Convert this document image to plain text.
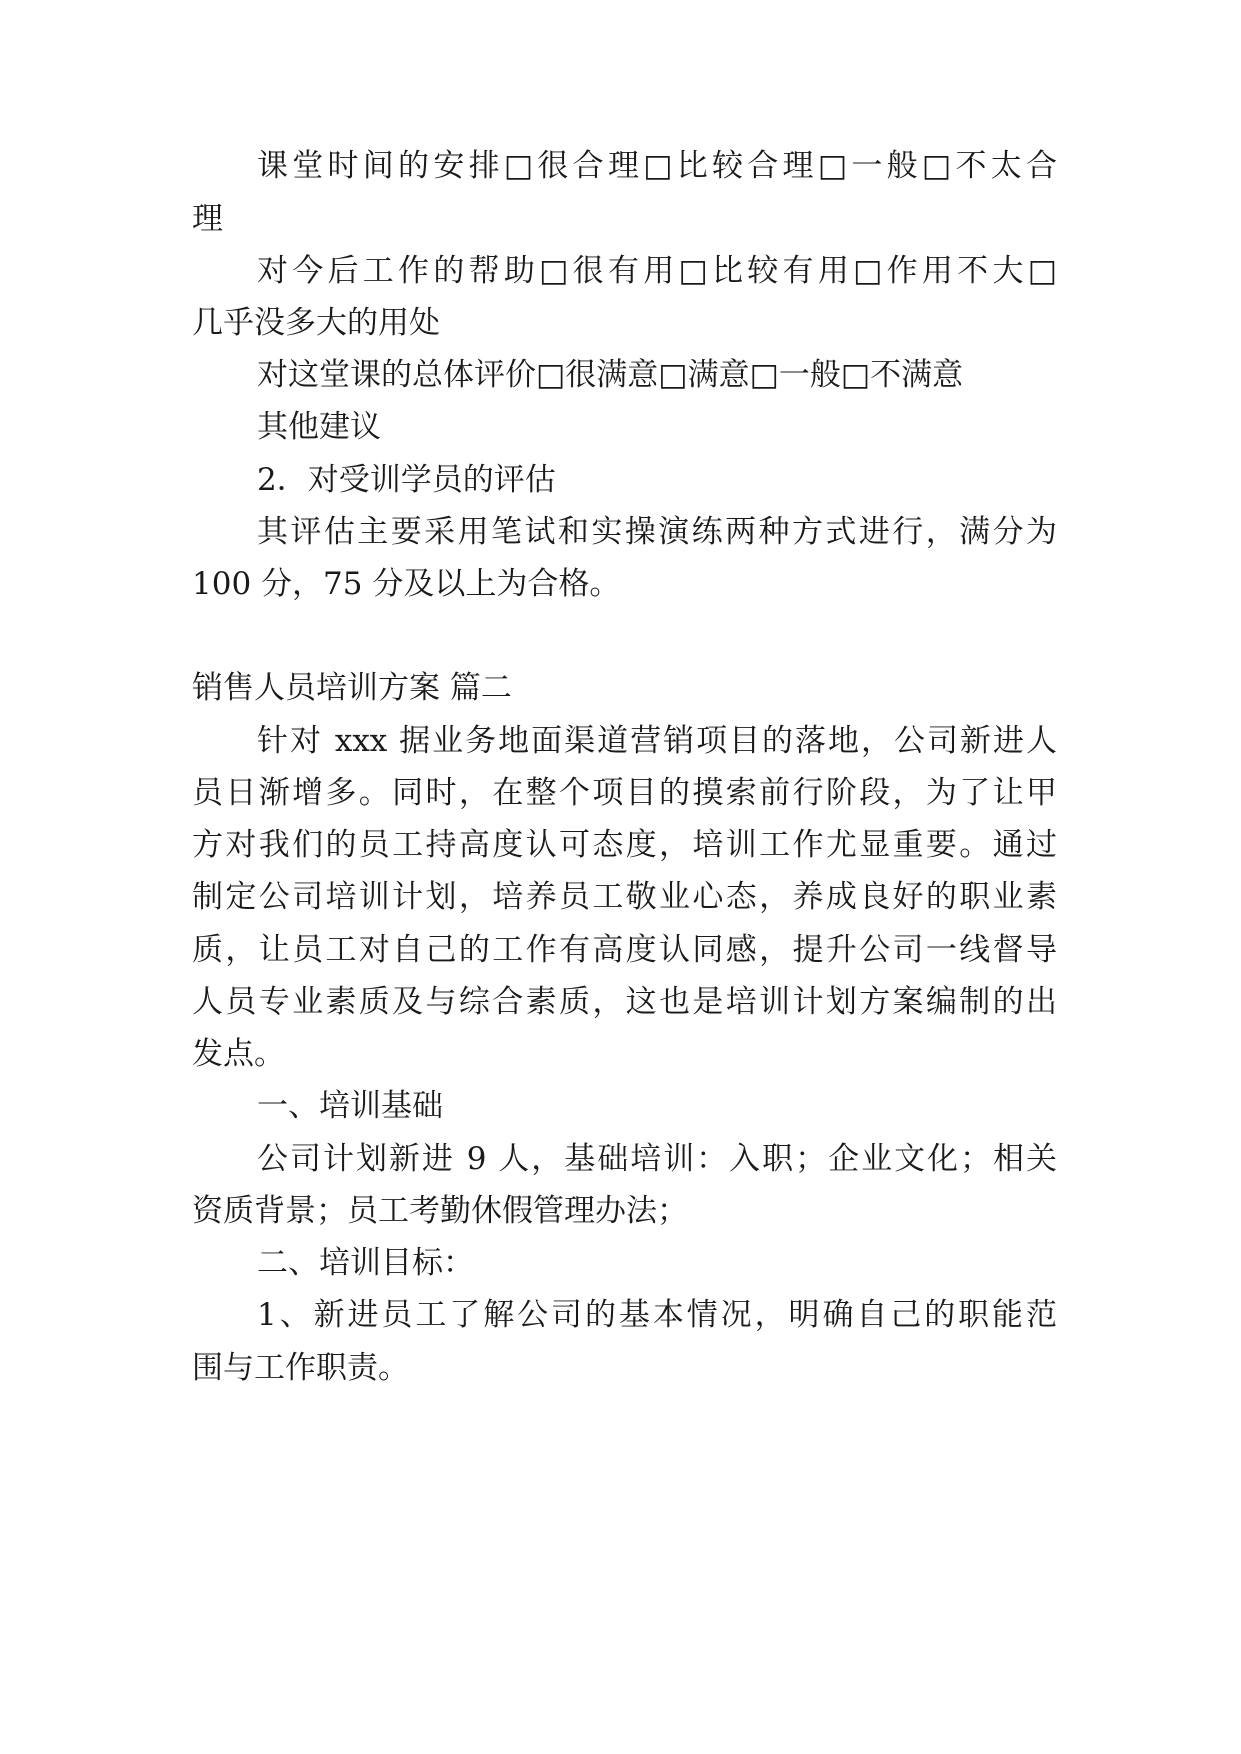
课堂时间的安排□很合理□比较合理□一般□不太合
理
对今后工作的帮助□很有用□比较有用□作用不大□
几乎没多大的用处
对这堂课的总体评价□很满意□满意□一般□不满意
其他建议
2．对受训学员的评估
其评估主要采用笔试和实操演练两种方式进行，满分为
100 分，75 分及以上为合格。
销售人员培训方案 篇二
针对 xxx 据业务地面渠道营销项目的落地，公司新进人
员日渐增多。同时，在整个项目的摸索前行阶段，为了让甲
方对我们的员工持高度认可态度，培训工作尤显重要。通过
制定公司培训计划，培养员工敬业心态，养成良好的职业素
质，让员工对自己的工作有高度认同感，提升公司一线督导
人员专业素质及与综合素质，这也是培训计划方案编制的出
发点。
一、培训基础
公司计划新进 9 人，基础培训：入职；企业文化；相关
资质背景；员工考勤休假管理办法；
二、培训目标：
1、新进员工了解公司的基本情况，明确自己的职能范
围与工作职责。
